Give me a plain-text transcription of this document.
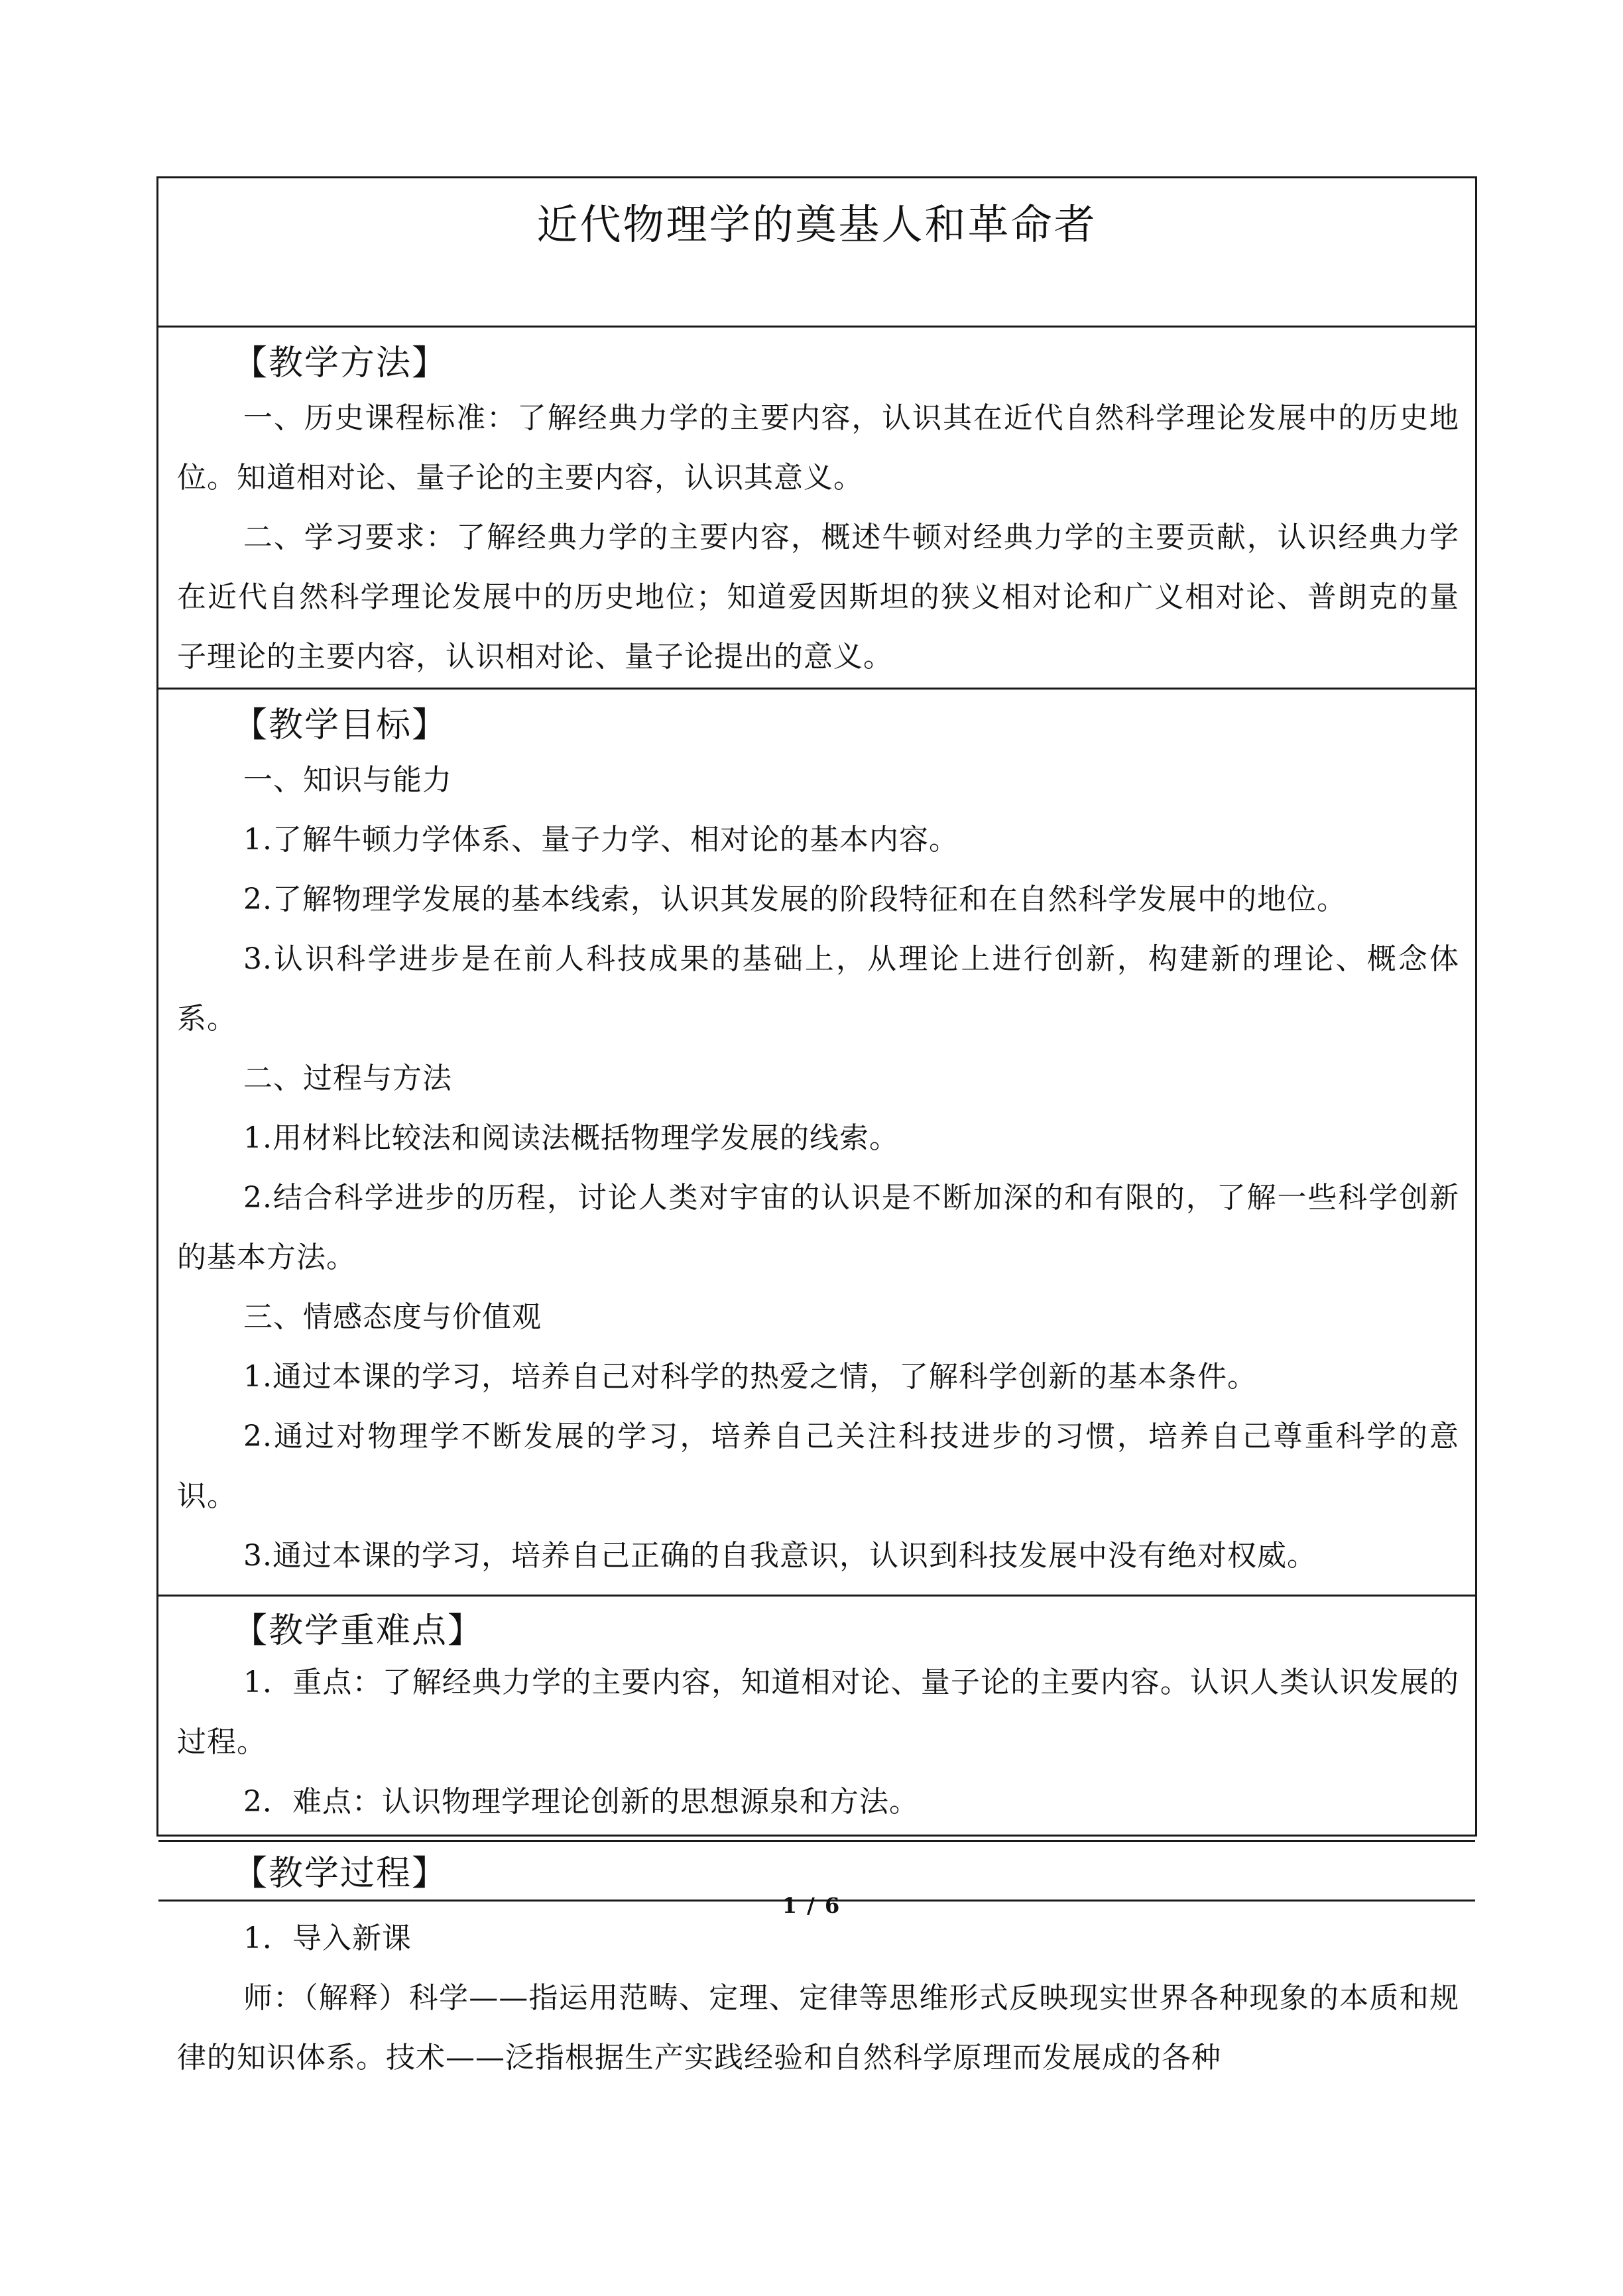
近代物理学的奠基人和革命者
【教学方法】

一、历史课程标准：了解经典力学的主要内容，认识其在近代自然科学理论发展中的历史地位。知道相对论、量子论的主要内容，认识其意义。

二、学习要求：了解经典力学的主要内容，概述牛顿对经典力学的主要贡献，认识经典力学在近代自然科学理论发展中的历史地位；知道爱因斯坦的狭义相对论和广义相对论、普朗克的量子理论的主要内容，认识相对论、量子论提出的意义。

【教学目标】

一、知识与能力

1.了解牛顿力学体系、量子力学、相对论的基本内容。

2.了解物理学发展的基本线索，认识其发展的阶段特征和在自然科学发展中的地位。

3.认识科学进步是在前人科技成果的基础上，从理论上进行创新，构建新的理论、概念体系。

二、过程与方法

1.用材料比较法和阅读法概括物理学发展的线索。

2.结合科学进步的历程，讨论人类对宇宙的认识是不断加深的和有限的，了解一些科学创新的基本方法。

三、情感态度与价值观

1.通过本课的学习，培养自己对科学的热爱之情，了解科学创新的基本条件。

2.通过对物理学不断发展的学习，培养自己关注科技进步的习惯，培养自己尊重科学的意识。

3.通过本课的学习，培养自己正确的自我意识，认识到科技发展中没有绝对权威。

【教学重难点】

1．重点：了解经典力学的主要内容，知道相对论、量子论的主要内容。认识人类认识发展的过程。

2．难点：认识物理学理论创新的思想源泉和方法。

【教学过程】

1．导入新课

师：（解释）科学——指运用范畴、定理、定律等思维形式反映现实世界各种现象的本质和规律的知识体系。技术——泛指根据生产实践经验和自然科学原理而发展成的各种

1 / 6
